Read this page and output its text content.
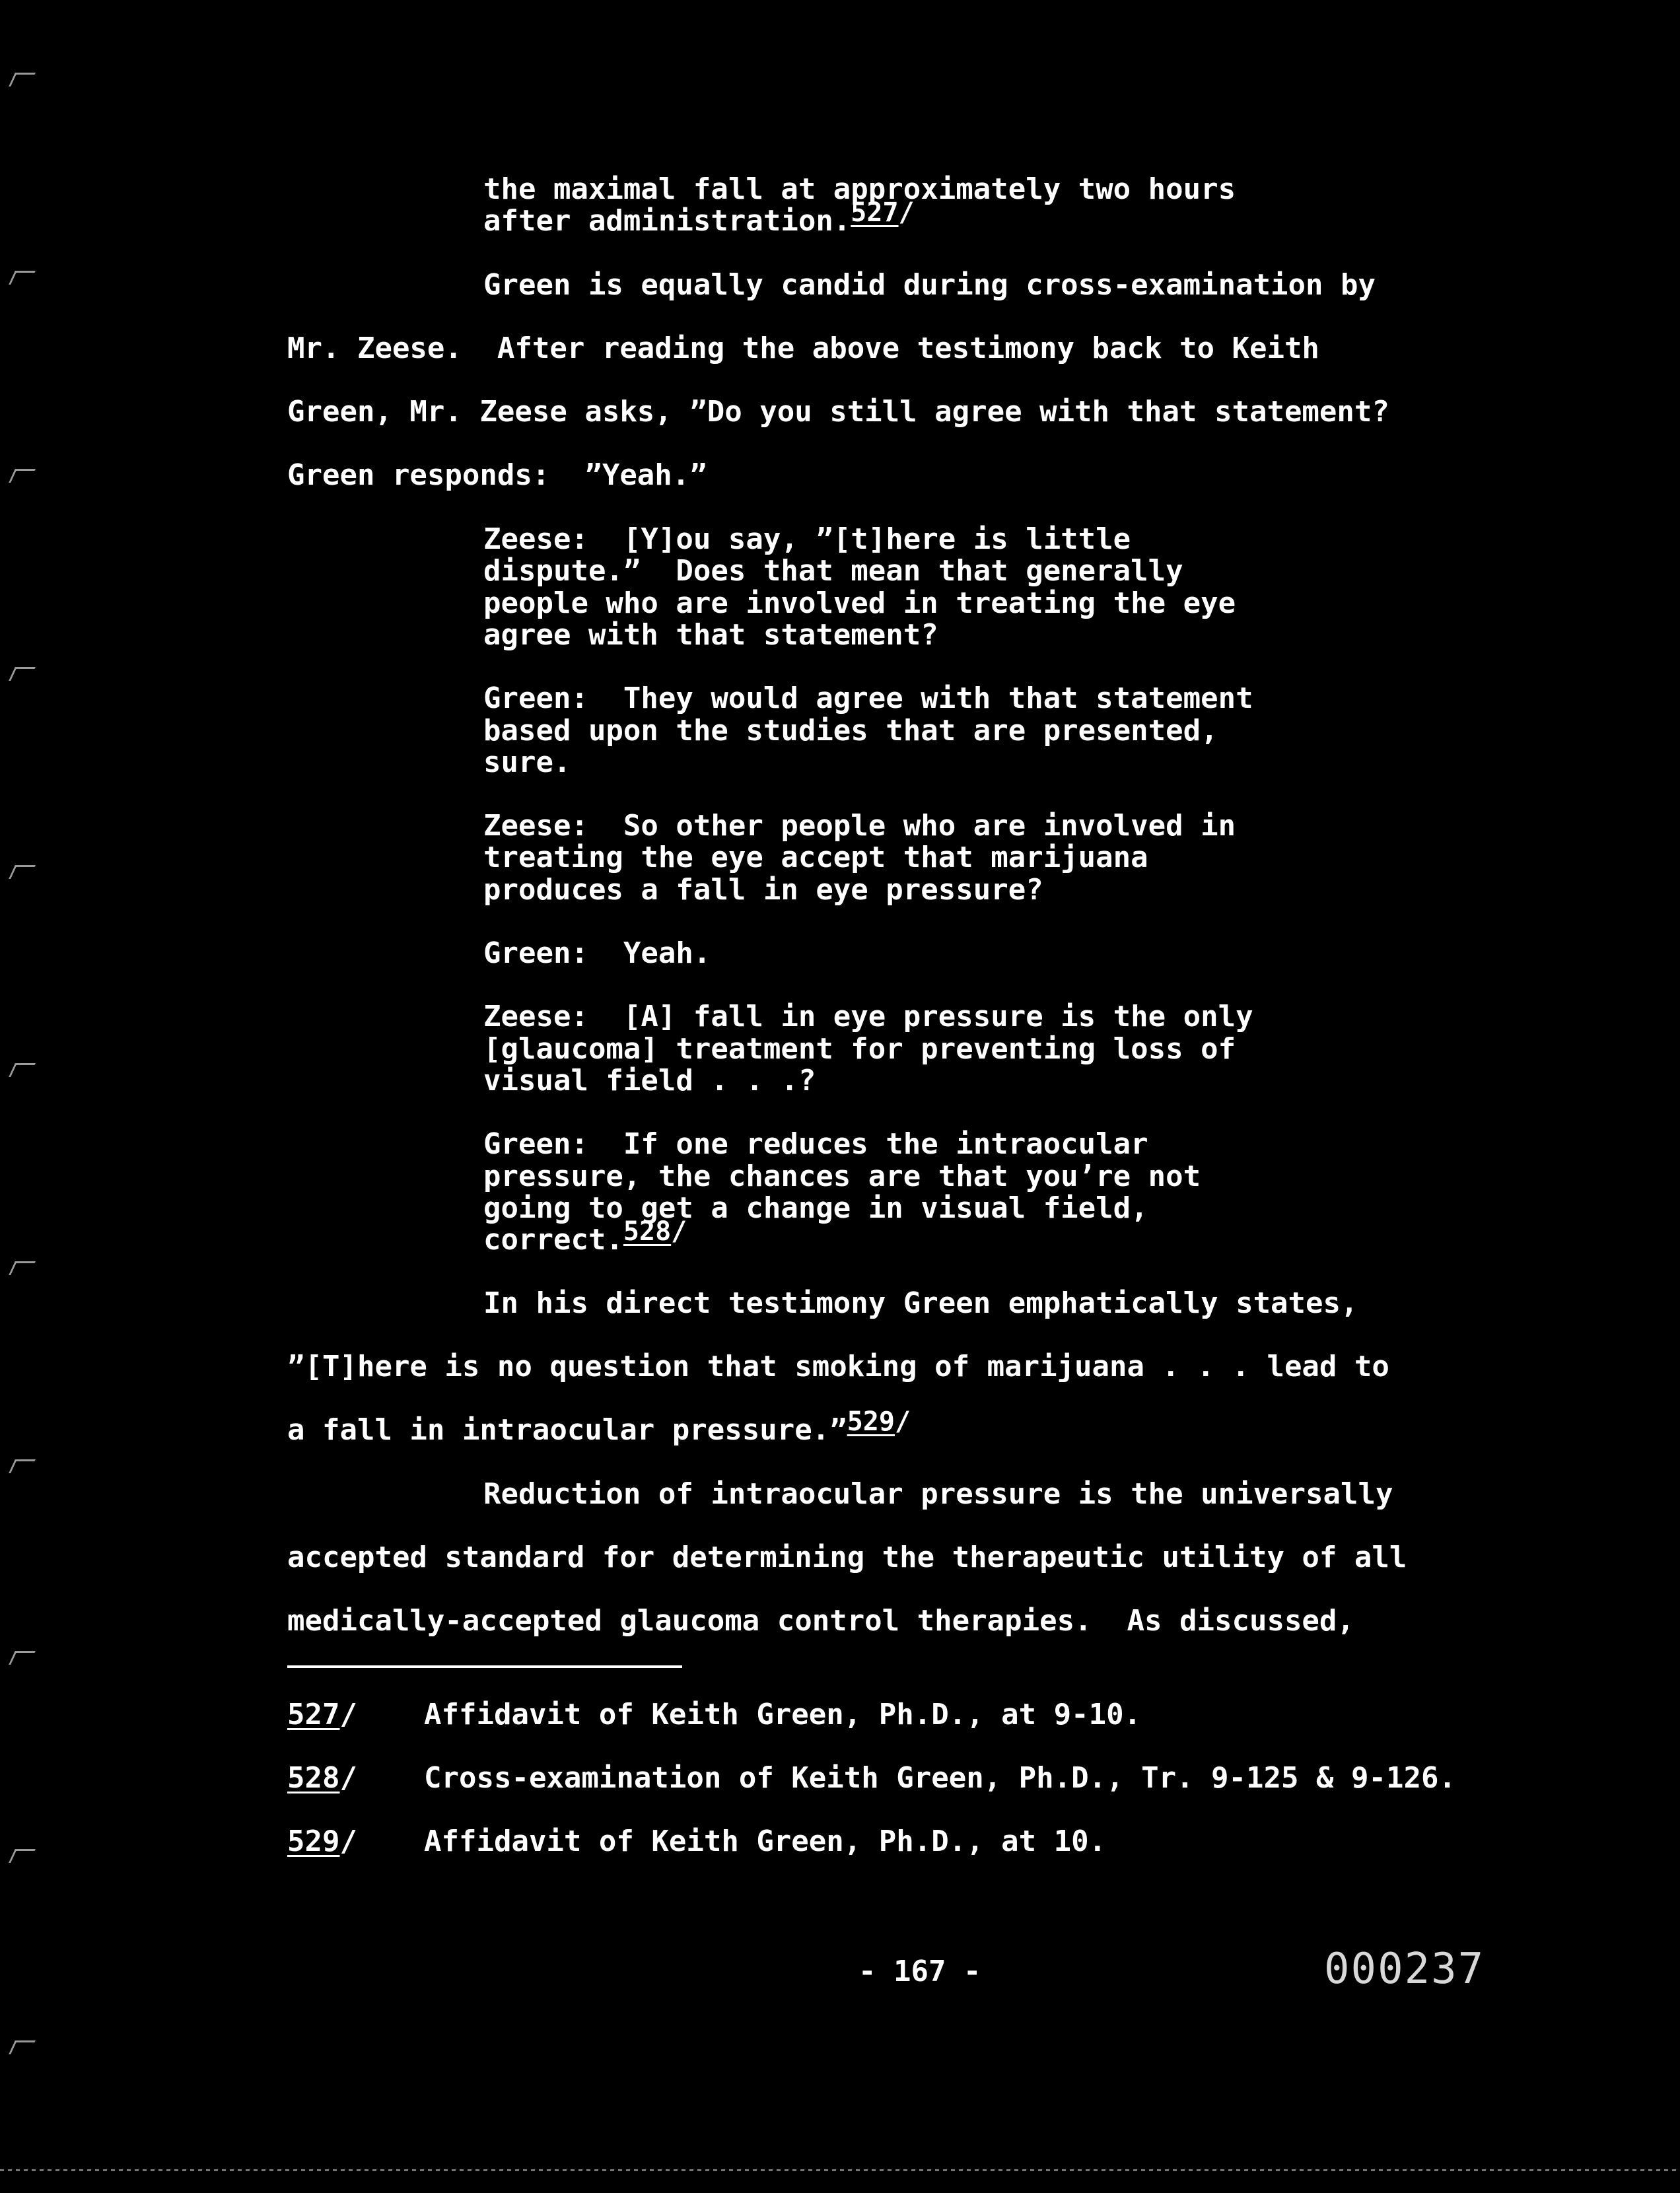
the maximal fall at approximately two hours
after administration.$^{527/}$
Green is equally candid during cross-examination by
Mr. Zeese.  After reading the above testimony back to Keith
Green, Mr. Zeese asks, ”Do you still agree with that statement?
Green responds:  ”Yeah.”
Zeese:  [Y]ou say, ”[t]here is little
dispute.”  Does that mean that generally
people who are involved in treating the eye
agree with that statement?
Green:  They would agree with that statement
based upon the studies that are presented,
sure.
Zeese:  So other people who are involved in
treating the eye accept that marijuana
produces a fall in eye pressure?
Green:  Yeah.
Zeese:  [A] fall in eye pressure is the only
[glaucoma] treatment for preventing loss of
visual field . . .?
Green:  If one reduces the intraocular
pressure, the chances are that you’re not
going to get a change in visual field,
correct.$^{528/}$
In his direct testimony Green emphatically states,
”[T]here is no question that smoking of marijuana . . . lead to
a fall in intraocular pressure.”$^{529/}$
Reduction of intraocular pressure is the universally
accepted standard for determining the therapeutic utility of all
medically-accepted glaucoma control therapies.  As discussed,
527/ Affidavit of Keith Green, Ph.D., at 9-10.
528/ Cross-examination of Keith Green, Ph.D., Tr. 9-125 & 9-126.
529/ Affidavit of Keith Green, Ph.D., at 10.
- 167 -	000237
